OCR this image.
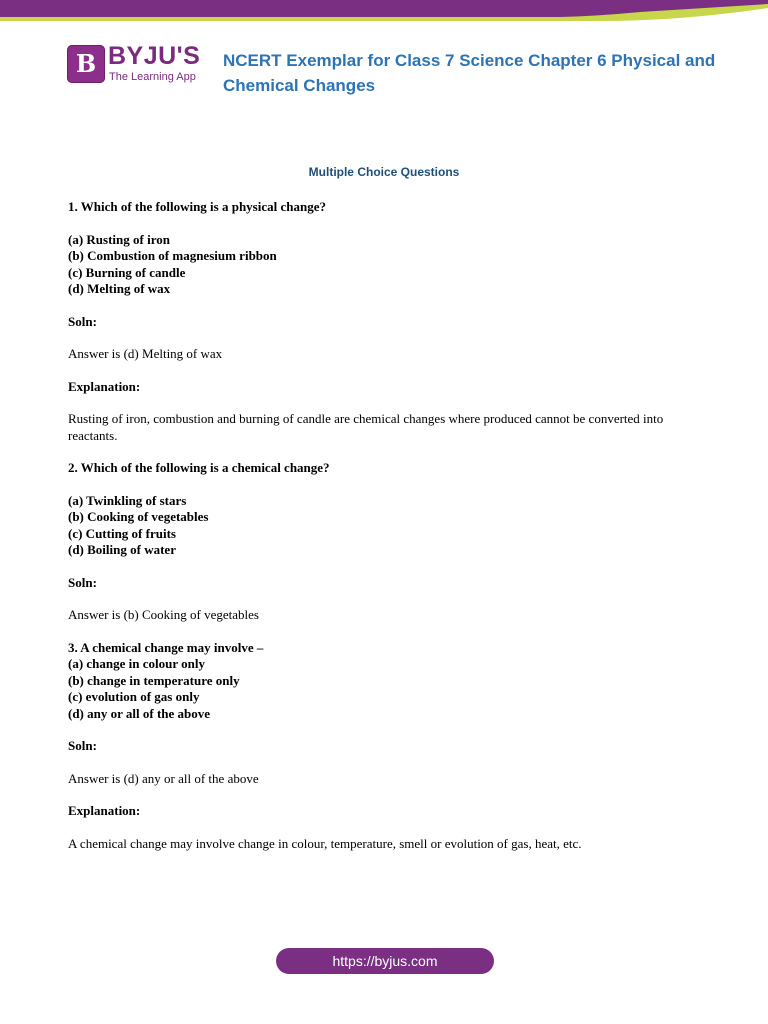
B BYJU'S
The Learning App
NCERT Exemplar for Class 7 Science Chapter 6 Physical and Chemical Changes
Multiple Choice Questions

1. Which of the following is a physical change?

(a) Rusting of iron
(b) Combustion of magnesium ribbon
(c) Burning of candle
(d) Melting of wax

Soln:

Answer is (d) Melting of wax

Explanation:

Rusting of iron, combustion and burning of candle are chemical changes where produced cannot be converted into reactants.

2. Which of the following is a chemical change?

(a) Twinkling of stars
(b) Cooking of vegetables
(c) Cutting of fruits
(d) Boiling of water

Soln:

Answer is (b) Cooking of vegetables

3. A chemical change may involve –
(a) change in colour only
(b) change in temperature only
(c) evolution of gas only
(d) any or all of the above

Soln:

Answer is (d) any or all of the above

Explanation:

A chemical change may involve change in colour, temperature, smell or evolution of gas, heat, etc.

https://byjus.com
